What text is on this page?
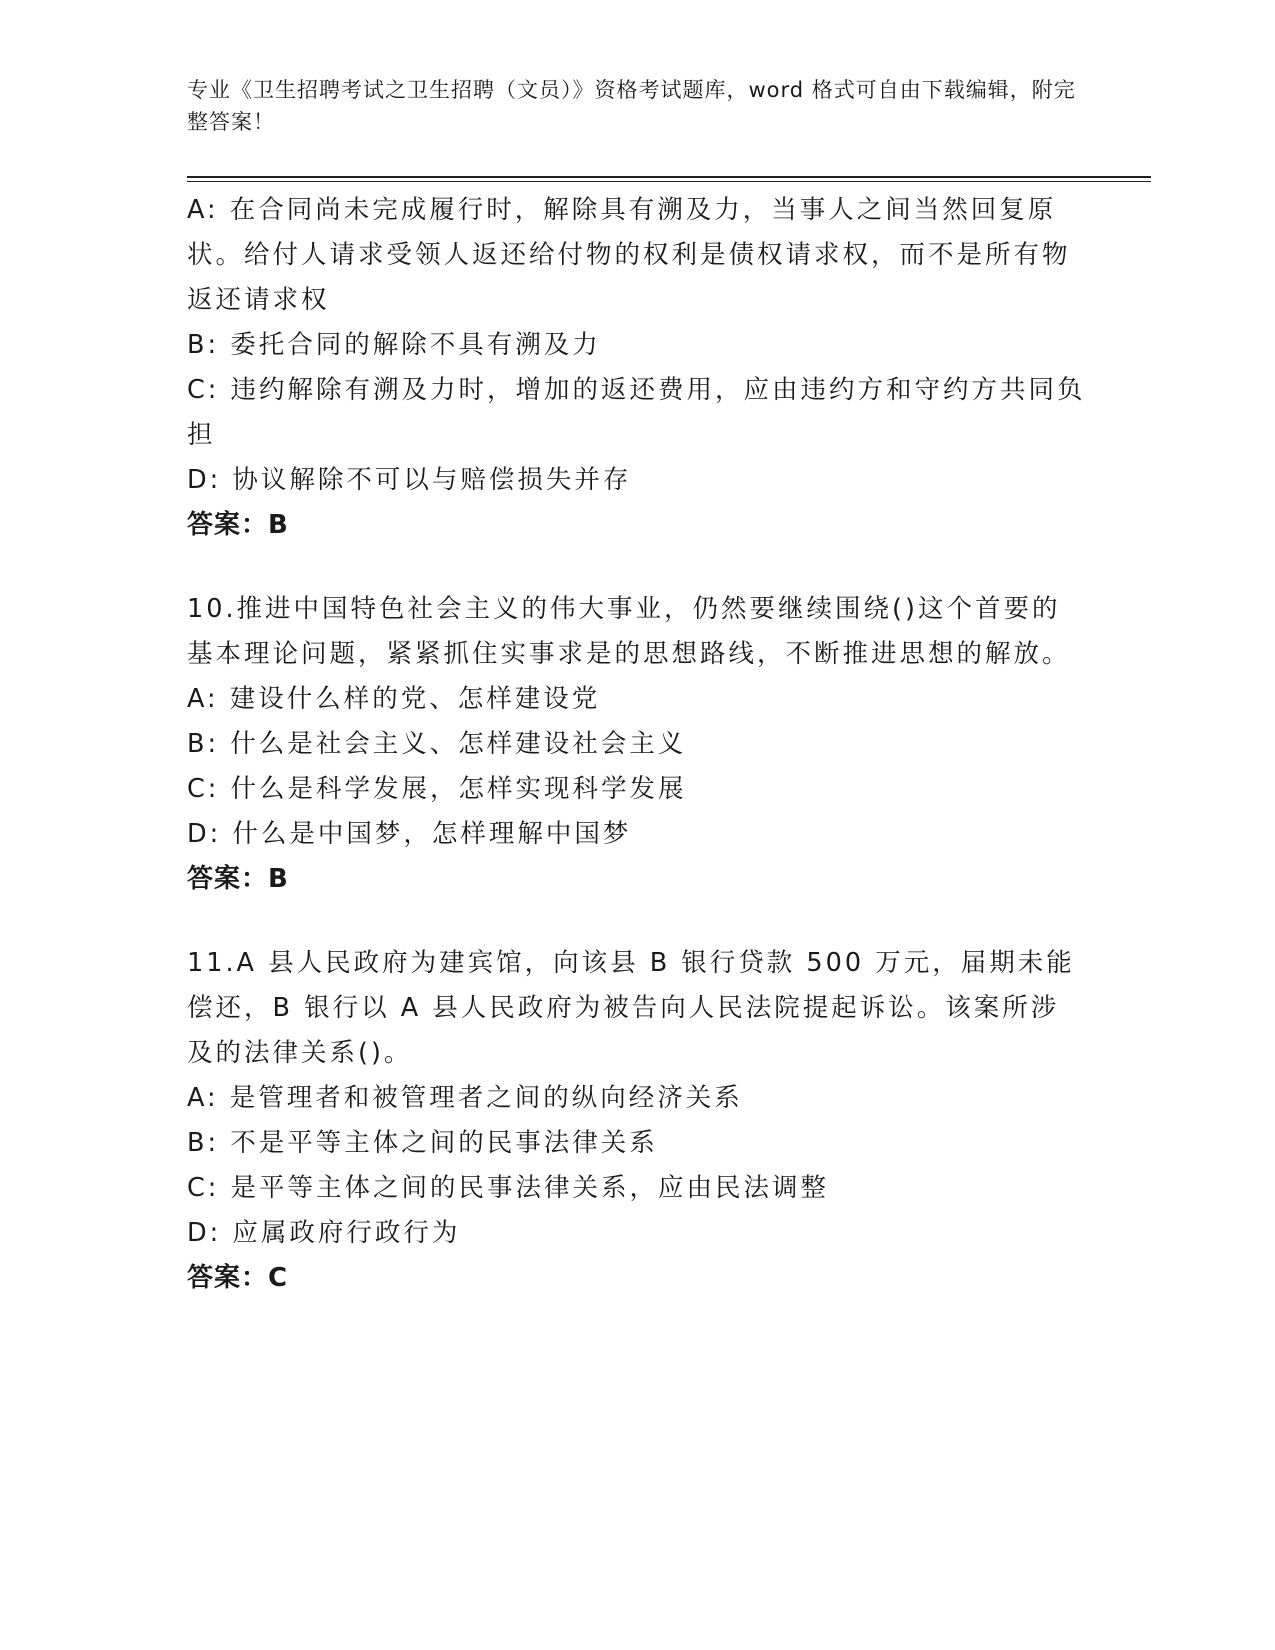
专业《卫生招聘考试之卫生招聘（文员）》资格考试题库，word 格式可自由下载编辑，附完整答案！

A: 在合同尚未完成履行时，解除具有溯及力，当事人之间当然回复原状。给付人请求受领人返还给付物的权利是债权请求权，而不是所有物返还请求权

B: 委托合同的解除不具有溯及力

C: 违约解除有溯及力时，增加的返还费用，应由违约方和守约方共同负担

D: 协议解除不可以与赔偿损失并存

答案：B

10.推进中国特色社会主义的伟大事业，仍然要继续围绕()这个首要的基本理论问题，紧紧抓住实事求是的思想路线，不断推进思想的解放。

A: 建设什么样的党、怎样建设党

B: 什么是社会主义、怎样建设社会主义

C: 什么是科学发展，怎样实现科学发展

D: 什么是中国梦，怎样理解中国梦

答案：B

11.A 县人民政府为建宾馆，向该县 B 银行贷款 500 万元，届期未能偿还，B 银行以 A 县人民政府为被告向人民法院提起诉讼。该案所涉及的法律关系()。

A: 是管理者和被管理者之间的纵向经济关系

B: 不是平等主体之间的民事法律关系

C: 是平等主体之间的民事法律关系，应由民法调整

D: 应属政府行政行为

答案：C
